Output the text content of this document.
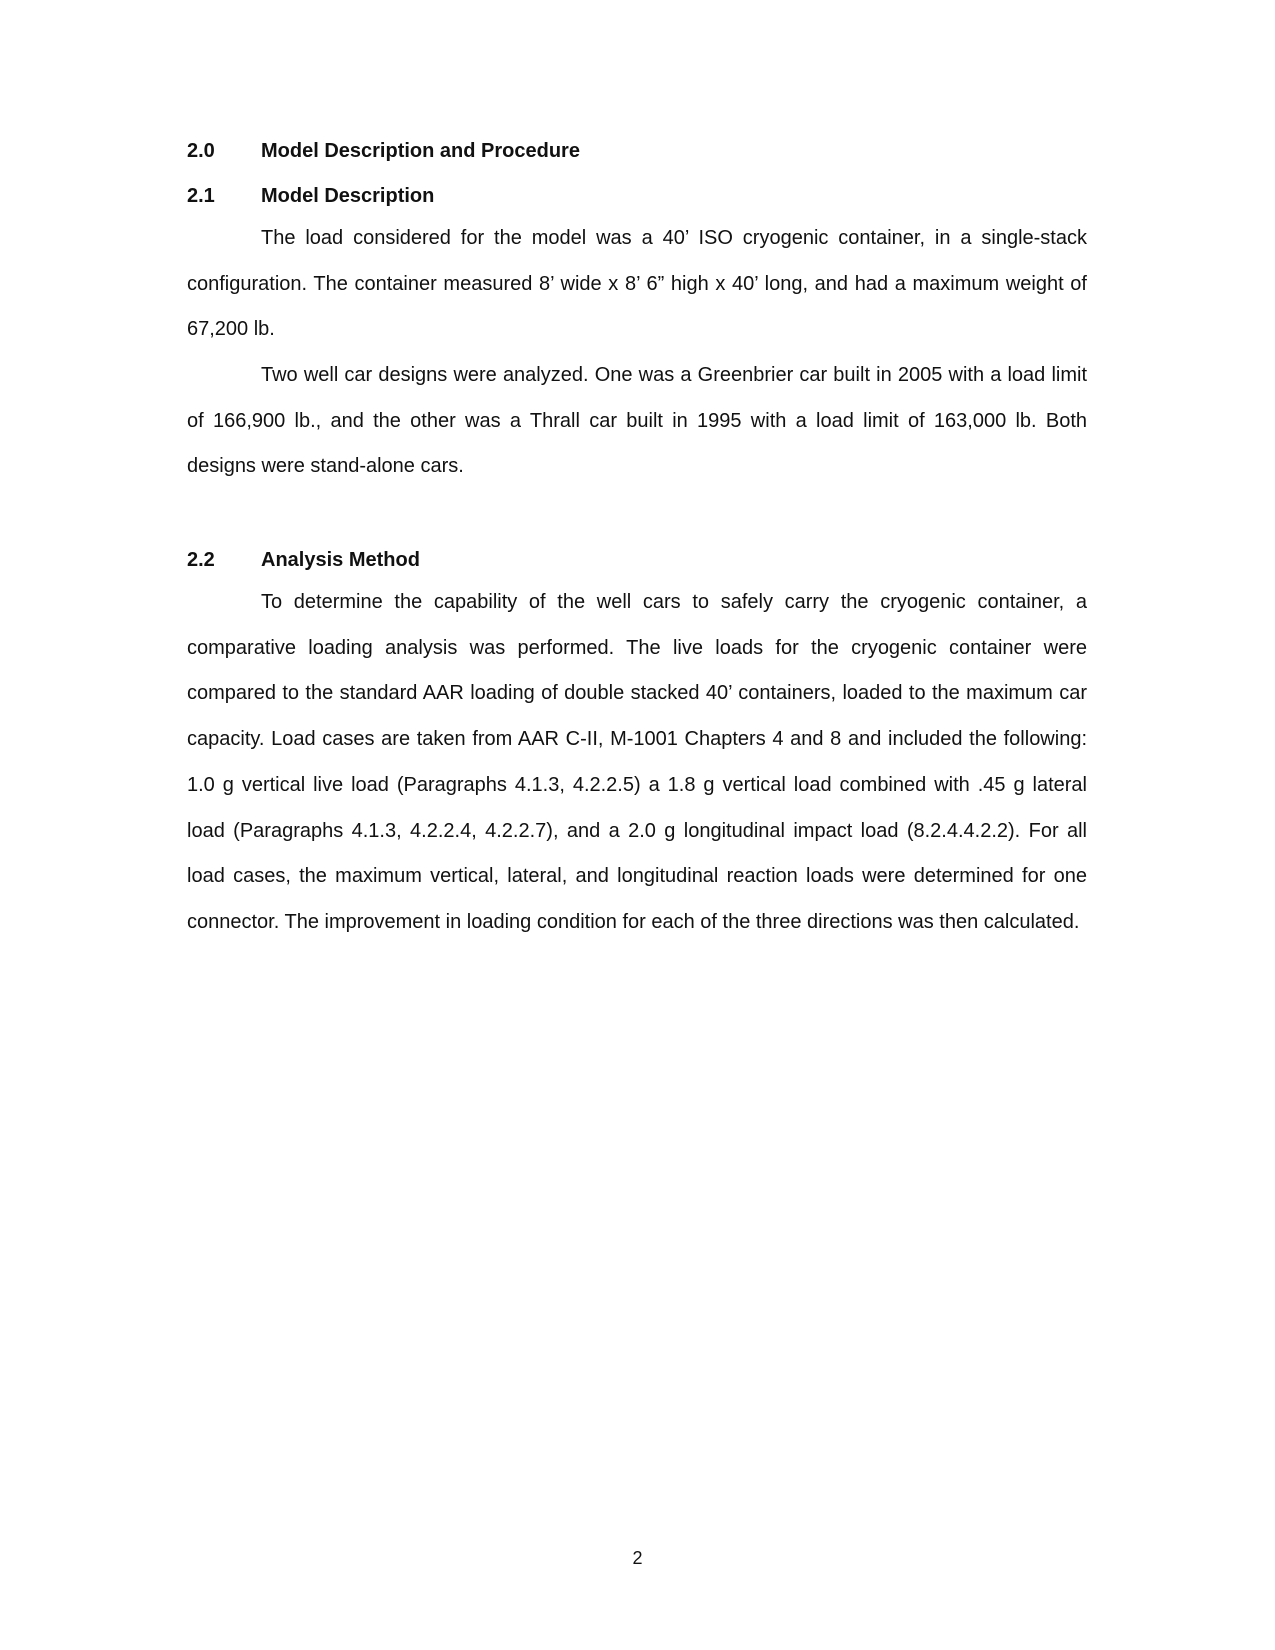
2.0 Model Description and Procedure
2.1 Model Description

The load considered for the model was a 40’ ISO cryogenic container, in a single-stack configuration. The container measured 8’ wide x 8’ 6” high x 40’ long, and had a maximum weight of 67,200 lb.

Two well car designs were analyzed. One was a Greenbrier car built in 2005 with a load limit of 166,900 lb., and the other was a Thrall car built in 1995 with a load limit of 163,000 lb. Both designs were stand-alone cars.

2.2 Analysis Method

To determine the capability of the well cars to safely carry the cryogenic container, a comparative loading analysis was performed. The live loads for the cryogenic container were compared to the standard AAR loading of double stacked 40’ containers, loaded to the maximum car capacity. Load cases are taken from AAR C-II, M-1001 Chapters 4 and 8 and included the following: 1.0 g vertical live load (Paragraphs 4.1.3, 4.2.2.5) a 1.8 g vertical load combined with .45 g lateral load (Paragraphs 4.1.3, 4.2.2.4, 4.2.2.7), and a 2.0 g longitudinal impact load (8.2.4.4.2.2). For all load cases, the maximum vertical, lateral, and longitudinal reaction loads were determined for one connector. The improvement in loading condition for each of the three directions was then calculated.

2
